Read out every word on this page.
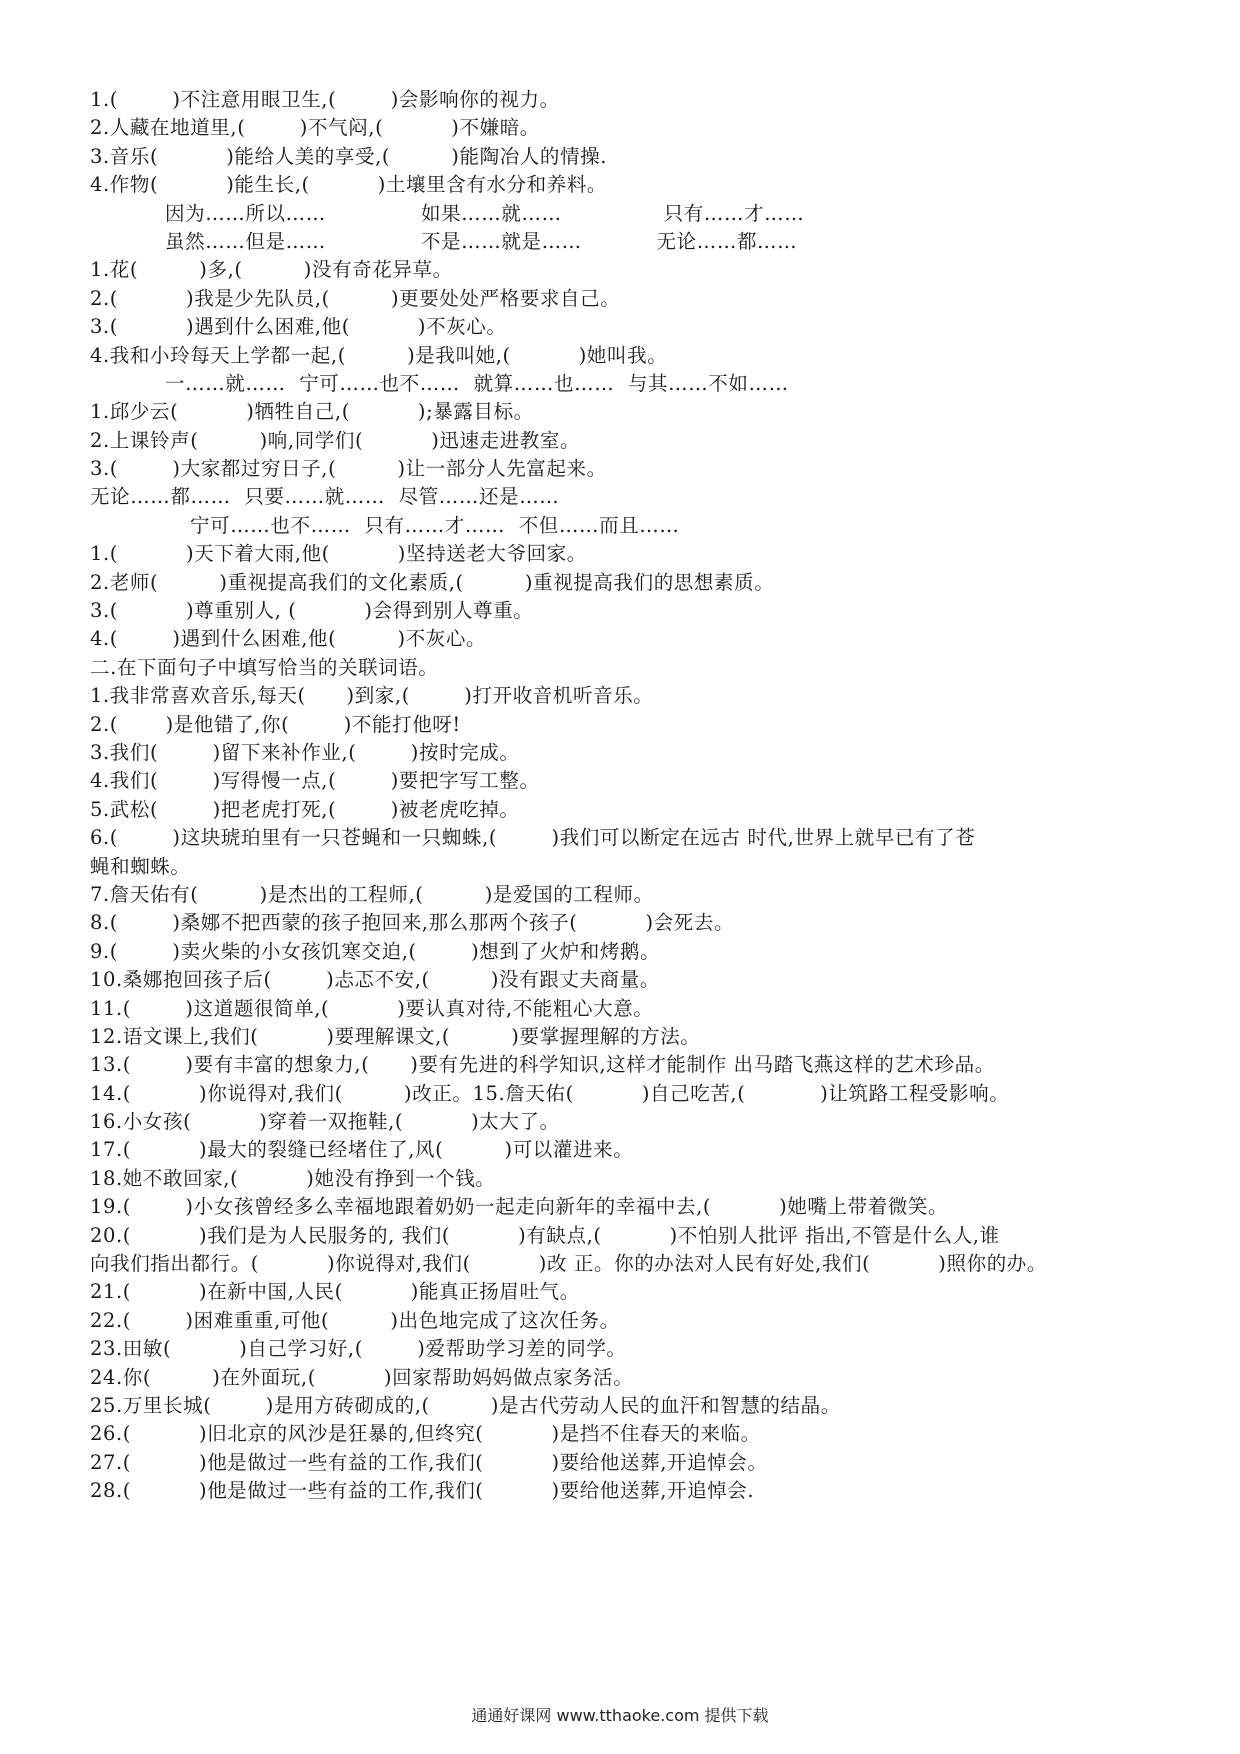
1.(        )不注意用眼卫生,(        )会影响你的视力。
2.人藏在地道里,(        )不气闷,(          )不嫌暗。
3.音乐(          )能给人美的享受,(         )能陶冶人的情操.
4.作物(          )能生长,(          )土壤里含有水分和养料。
因为……所以……              如果……就……               只有……才……
虽然……但是……              不是……就是……           无论……都……
1.花(         )多,(         )没有奇花异草。
2.(          )我是少先队员,(         )更要处处严格要求自己。
3.(          )遇到什么困难,他(          )不灰心。
4.我和小玲每天上学都一起,(         )是我叫她,(          )她叫我。
一……就……  宁可……也不……  就算……也……  与其……不如……
1.邱少云(          )牺牲自己,(          );暴露目标。
2.上课铃声(         )响,同学们(          )迅速走进教室。
3.(        )大家都过穷日子,(         )让一部分人先富起来。
无论……都……  只要……就……  尽管……还是……
宁可……也不……  只有……才……  不但……而且……
1.(          )天下着大雨,他(          )坚持送老大爷回家。
2.老师(         )重视提高我们的文化素质,(         )重视提高我们的思想素质。
3.(          )尊重别人, (          )会得到别人尊重。
4.(        )遇到什么困难,他(         )不灰心。
二.在下面句子中填写恰当的关联词语。
1.我非常喜欢音乐,每天(      )到家,(        )打开收音机听音乐。
2.(       )是他错了,你(        )不能打他呀!
3.我们(        )留下来补作业,(        )按时完成。
4.我们(        )写得慢一点,(        )要把字写工整。
5.武松(        )把老虎打死,(        )被老虎吃掉。
6.(        )这块琥珀里有一只苍蝇和一只蜘蛛,(        )我们可以断定在远古 时代,世界上就早已有了苍
蝇和蜘蛛。
7.詹天佑有(         )是杰出的工程师,(         )是爱国的工程师。
8.(        )桑娜不把西蒙的孩子抱回来,那么那两个孩子(          )会死去。
9.(        )卖火柴的小女孩饥寒交迫,(        )想到了火炉和烤鹅。
10.桑娜抱回孩子后(        )忐忑不安,(         )没有跟丈夫商量。
11.(        )这道题很简单,(          )要认真对待,不能粗心大意。
12.语文课上,我们(          )要理解课文,(         )要掌握理解的方法。
13.(        )要有丰富的想象力,(      )要有先进的科学知识,这样才能制作 出马踏飞燕这样的艺术珍品。
14.(          )你说得对,我们(         )改正。15.詹天佑(          )自己吃苦,(           )让筑路工程受影响。
16.小女孩(          )穿着一双拖鞋,(          )太大了。
17.(          )最大的裂缝已经堵住了,风(         )可以灌进来。
18.她不敢回家,(          )她没有挣到一个钱。
19.(        )小女孩曾经多么幸福地跟着奶奶一起走向新年的幸福中去,(          )她嘴上带着微笑。
20.(          )我们是为人民服务的, 我们(          )有缺点,(          )不怕别人批评 指出,不管是什么人,谁
向我们指出都行。(          )你说得对,我们(          )改 正。你的办法对人民有好处,我们(          )照你的办。
21.(          )在新中国,人民(          )能真正扬眉吐气。
22.(        )困难重重,可他(         )出色地完成了这次任务。
23.田敏(          )自己学习好,(        )爱帮助学习差的同学。
24.你(         )在外面玩,(          )回家帮助妈妈做点家务活。
25.万里长城(        )是用方砖砌成的,(         )是古代劳动人民的血汗和智慧的结晶。
26.(          )旧北京的风沙是狂暴的,但终究(          )是挡不住春天的来临。
27.(          )他是做过一些有益的工作,我们(          )要给他送葬,开追悼会。
28.(          )他是做过一些有益的工作,我们(          )要给他送葬,开追悼会.
通通好课网 www.tthaoke.com 提供下载
